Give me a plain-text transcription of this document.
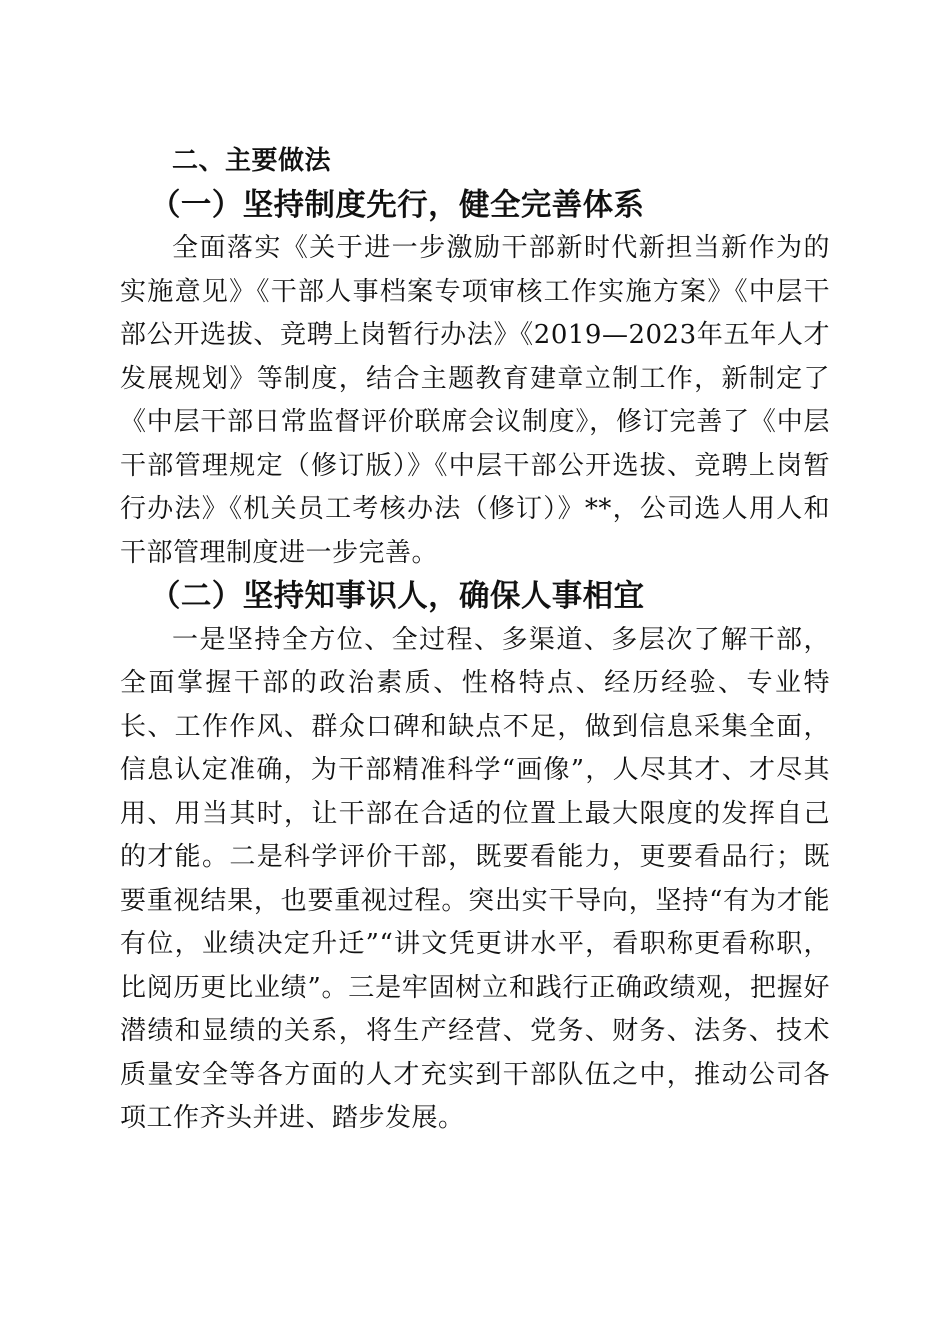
二、主要做法
（一）坚持制度先行，健全完善体系

全面落实《关于进一步激励干部新时代新担当新作为的实施意见》《干部人事档案专项审核工作实施方案》《中层干部公开选拔、竞聘上岗暂行办法》《2019—2023年五年人才发展规划》等制度，结合主题教育建章立制工作，新制定了《中层干部日常监督评价联席会议制度》，修订完善了《中层干部管理规定（修订版）》《中层干部公开选拔、竞聘上岗暂行办法》《机关员工考核办法（修订）》**，公司选人用人和干部管理制度进一步完善。

（二）坚持知事识人，确保人事相宜

一是坚持全方位、全过程、多渠道、多层次了解干部，全面掌握干部的政治素质、性格特点、经历经验、专业特长、工作作风、群众口碑和缺点不足，做到信息采集全面，信息认定准确，为干部精准科学“画像”，人尽其才、才尽其用、用当其时，让干部在合适的位置上最大限度的发挥自己的才能。二是科学评价干部，既要看能力，更要看品行；既要重视结果，也要重视过程。突出实干导向，坚持“有为才能有位，业绩决定升迁”“讲文凭更讲水平，看职称更看称职，比阅历更比业绩”。三是牢固树立和践行正确政绩观，把握好潜绩和显绩的关系，将生产经营、党务、财务、法务、技术质量安全等各方面的人才充实到干部队伍之中，推动公司各项工作齐头并进、踏步发展。
